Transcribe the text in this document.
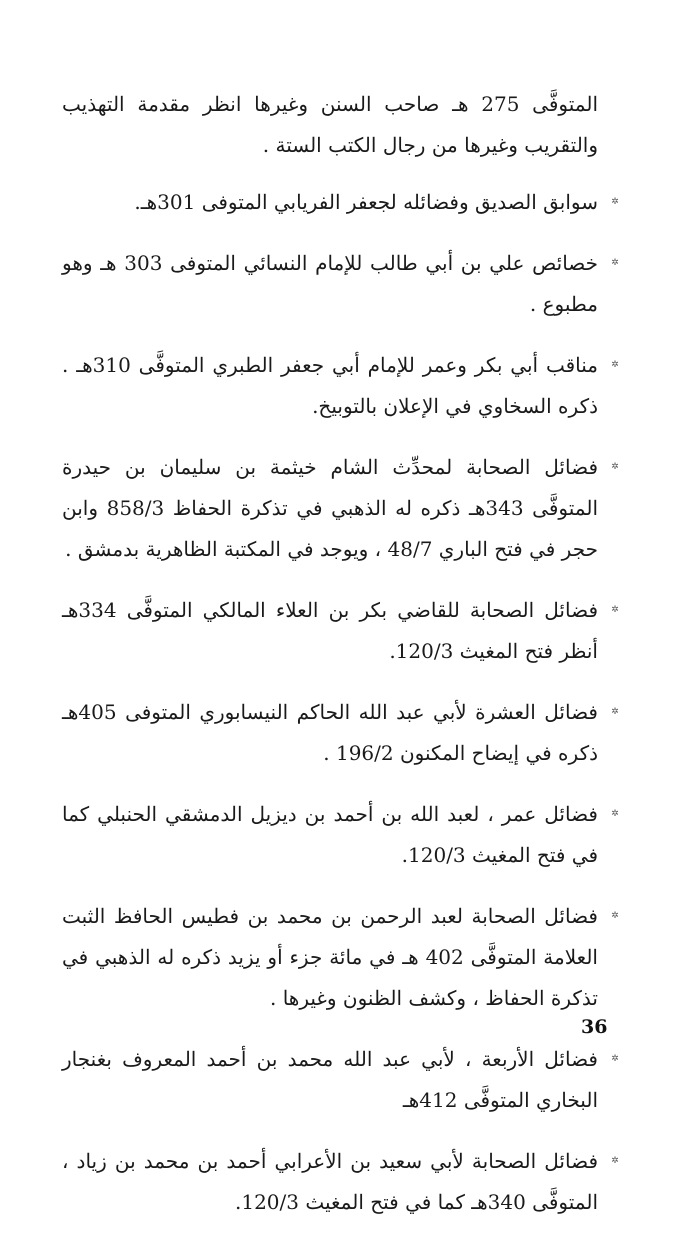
المتوفَّى 275 هـ صاحب السنن وغيرها انظر مقدمة التهذيب والتقريب وغيرها من رجال الكتب الستة .

✲
سوابق الصديق وفضائله لجعفر الفريابي المتوفى 301هـ.
✲
خصائص علي بن أبي طالب للإمام النسائي المتوفى 303 هـ وهو مطبوع .
✲
مناقب أبي بكر وعمر للإمام أبي جعفر الطبري المتوفَّى 310هـ . ذكره السخاوي في الإعلان بالتوبيخ.
✲
فضائل الصحابة لمحدِّث الشام خيثمة بن سليمان بن حيدرة المتوفَّى 343هـ ذكره له الذهبي في تذكرة الحفاظ 858/3 وابن حجر في فتح الباري 48/7 ، ويوجد في المكتبة الظاهرية بدمشق .
✲
فضائل الصحابة للقاضي بكر بن العلاء المالكي المتوفَّى 334هـ أنظر فتح المغيث 120/3.
✲
فضائل العشرة لأبي عبد الله الحاكم النيسابوري المتوفى 405هـ ذكره في إيضاح المكنون 196/2 .
✲
فضائل عمر ، لعبد الله بن أحمد بن ديزيل الدمشقي الحنبلي كما في فتح المغيث 120/3.
✲
فضائل الصحابة لعبد الرحمن بن محمد بن فطيس الحافظ الثبت العلامة المتوفَّى 402 هـ في مائة جزء أو يزيد ذكره له الذهبي في تذكرة الحفاظ ، وكشف الظنون وغيرها .
✲
فضائل الأربعة ، لأبي عبد الله محمد بن أحمد المعروف بغنجار البخاري المتوفَّى 412هـ
✲
فضائل الصحابة لأبي سعيد بن الأعرابي أحمد بن محمد بن زياد ، المتوفَّى 340هـ كما في فتح المغيث 120/3.
36
